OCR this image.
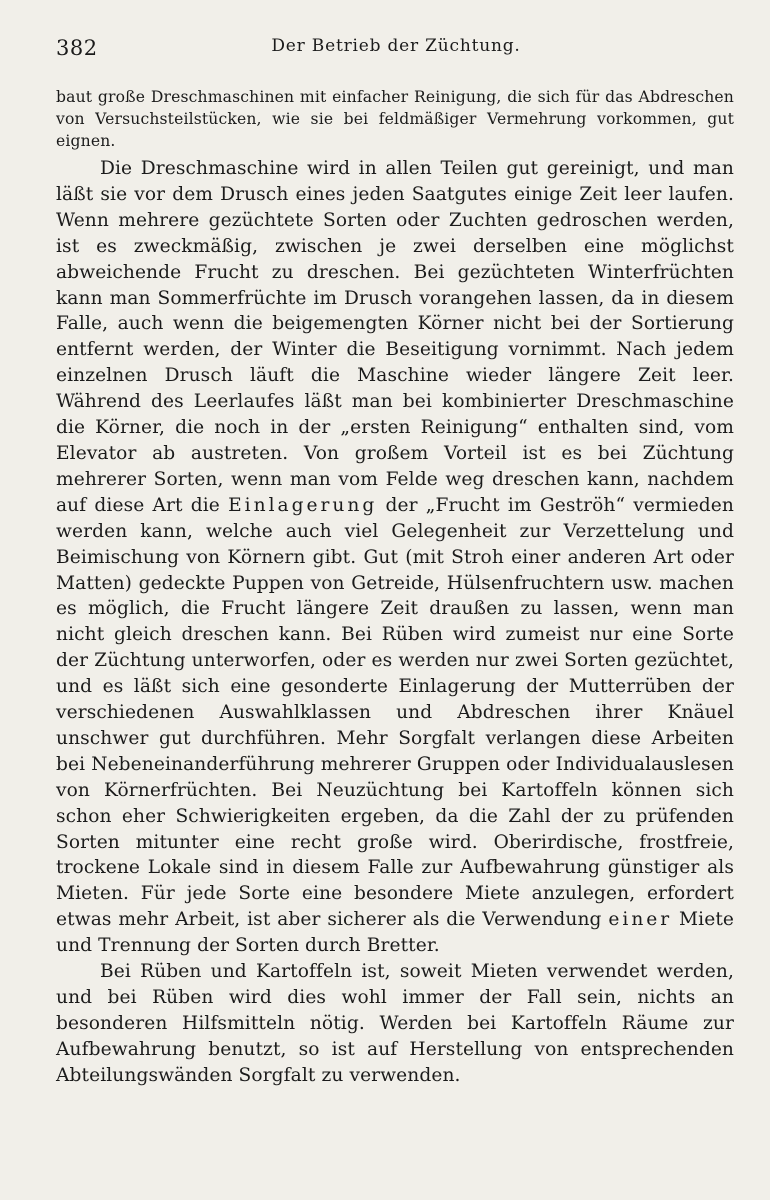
382	Der Betrieb der Züchtung.

baut große Dreschmaschinen mit einfacher Reinigung, die sich für das Abdreschen von Versuchsteilstücken, wie sie bei feldmäßiger Vermehrung vorkommen, gut eignen.

Die Dreschmaschine wird in allen Teilen gut gereinigt, und man läßt sie vor dem Drusch eines jeden Saatgutes einige Zeit leer laufen. Wenn mehrere gezüchtete Sorten oder Zuchten gedroschen werden, ist es zweckmäßig, zwischen je zwei derselben eine möglichst abweichende Frucht zu dreschen. Bei gezüchteten Winterfrüchten kann man Sommerfrüchte im Drusch vorangehen lassen, da in diesem Falle, auch wenn die beigemengten Körner nicht bei der Sortierung entfernt werden, der Winter die Beseitigung vornimmt. Nach jedem einzelnen Drusch läuft die Maschine wieder längere Zeit leer. Während des Leerlaufes läßt man bei kombinierter Dreschmaschine die Körner, die noch in der „ersten Reinigung“ enthalten sind, vom Elevator ab austreten. Von großem Vorteil ist es bei Züchtung mehrerer Sorten, wenn man vom Felde weg dreschen kann, nachdem auf diese Art die Einlagerung der „Frucht im Geströh“ vermieden werden kann, welche auch viel Gelegenheit zur Verzettelung und Beimischung von Körnern gibt. Gut (mit Stroh einer anderen Art oder Matten) gedeckte Puppen von Getreide, Hülsenfruchtern usw. machen es möglich, die Frucht längere Zeit draußen zu lassen, wenn man nicht gleich dreschen kann. Bei Rüben wird zumeist nur eine Sorte der Züchtung unterworfen, oder es werden nur zwei Sorten gezüchtet, und es läßt sich eine gesonderte Einlagerung der Mutterrüben der verschiedenen Auswahlklassen und Abdreschen ihrer Knäuel unschwer gut durchführen. Mehr Sorgfalt verlangen diese Arbeiten bei Nebeneinanderführung mehrerer Gruppen oder Individualauslesen von Körnerfrüchten. Bei Neuzüchtung bei Kartoffeln können sich schon eher Schwierigkeiten ergeben, da die Zahl der zu prüfenden Sorten mitunter eine recht große wird. Oberirdische, frostfreie, trockene Lokale sind in diesem Falle zur Aufbewahrung günstiger als Mieten. Für jede Sorte eine besondere Miete anzulegen, erfordert etwas mehr Arbeit, ist aber sicherer als die Verwendung einer Miete und Trennung der Sorten durch Bretter.

Bei Rüben und Kartoffeln ist, soweit Mieten verwendet werden, und bei Rüben wird dies wohl immer der Fall sein, nichts an besonderen Hilfsmitteln nötig. Werden bei Kartoffeln Räume zur Aufbewahrung benutzt, so ist auf Herstellung von entsprechenden Abteilungswänden Sorgfalt zu verwenden.
